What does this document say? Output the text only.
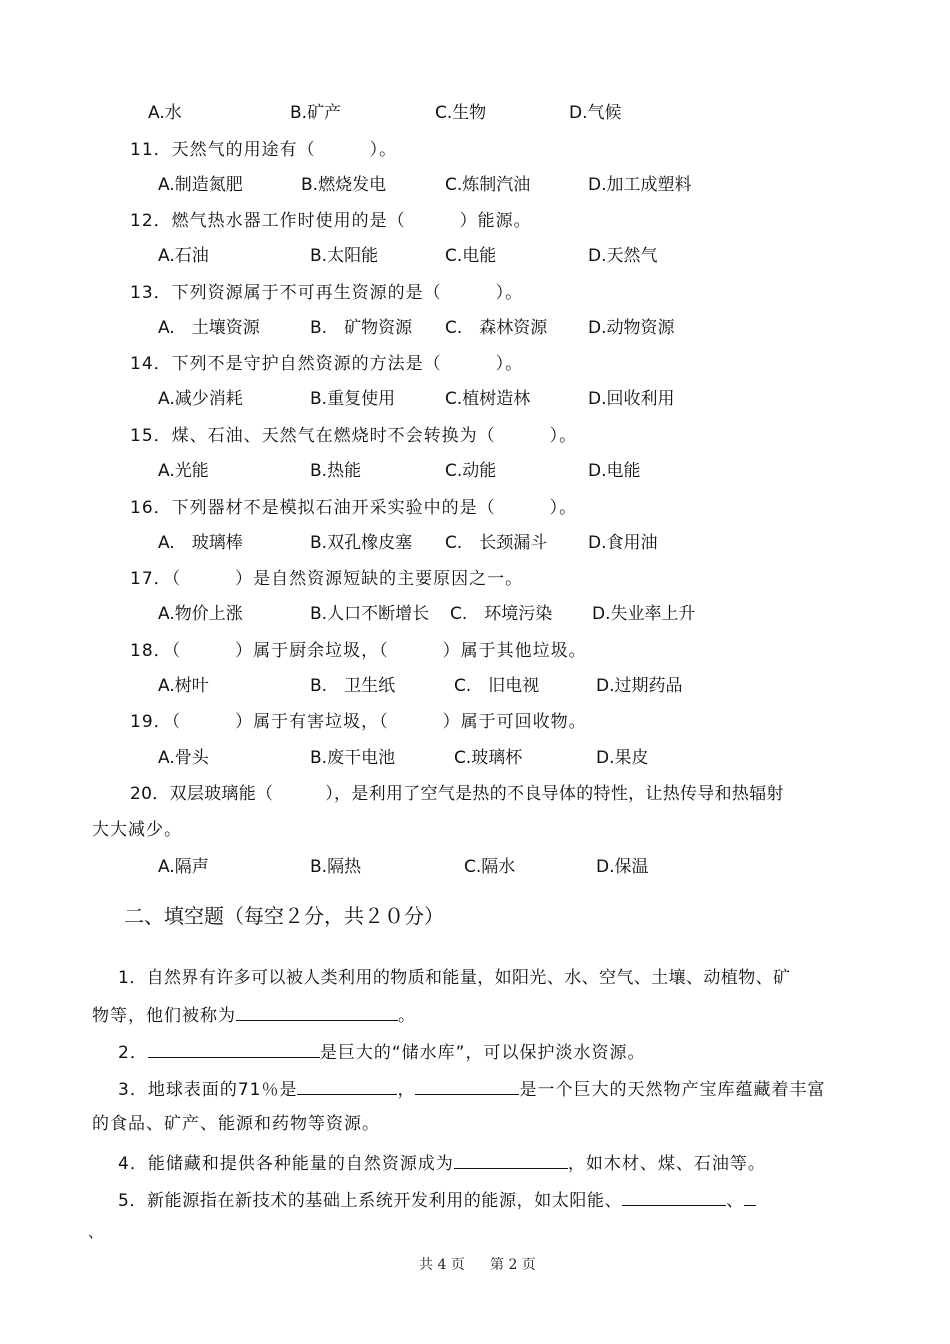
A.水	B.矿产	C.生物	D.气候
11．天然气的用途有（　　　）。
A.制造氮肥	B.燃烧发电	C.炼制汽油	D.加工成塑料
12．燃气热水器工作时使用的是（　　　）能源。
A.石油	B.太阳能	C.电能	D.天然气
13．下列资源属于不可再生资源的是（　　　）。
A.　土壤资源	B.　矿物资源 C.　森林资源 D.动物资源
14．下列不是守护自然资源的方法是（　　　）。
A.减少消耗	B.重复使用	C.植树造林	D.回收利用
15．煤、石油、天然气在燃烧时不会转换为（　　　）。
A.光能	B.热能	C.动能	D.电能
16．下列器材不是模拟石油开采实验中的是（　　　）。
A.　玻璃棒	B.双孔橡皮塞 C.　长颈漏斗 D.食用油
17．（　　　）是自然资源短缺的主要原因之一。
A.物价上涨	B.人口不断增长 C.　环境污染 D.失业率上升
18．（　　　）属于厨余垃圾，（　　　）属于其他垃圾。
A.树叶	B.　卫生纸	C.　旧电视	D.过期药品
19．（　　　）属于有害垃圾，（　　　）属于可回收物。
A.骨头	B.废干电池	C.玻璃杯	D.果皮
20．双层玻璃能（　　　），是利用了空气是热的不良导体的特性，让热传导和热辐射
大大减少。
A.隔声	B.隔热	C.隔水	D.保温
二、填空题（每空２分，共２０分）
1．自然界有许多可以被人类利用的物质和能量，如阳光、水、空气、土壤、动植物、矿
物等，他们被称为	。
2．	是巨大的“储水库”，可以保护淡水资源。
3．地球表面的71％是	，	是一个巨大的天然物产宝库蕴藏着丰富
的食品、矿产、能源和药物等资源。
4．能储藏和提供各种能量的自然资源成为	，如木材、煤、石油等。
5．新能源指在新技术的基础上系统开发利用的能源，如太阳能、	、
、
共 4 页 第 2 页
